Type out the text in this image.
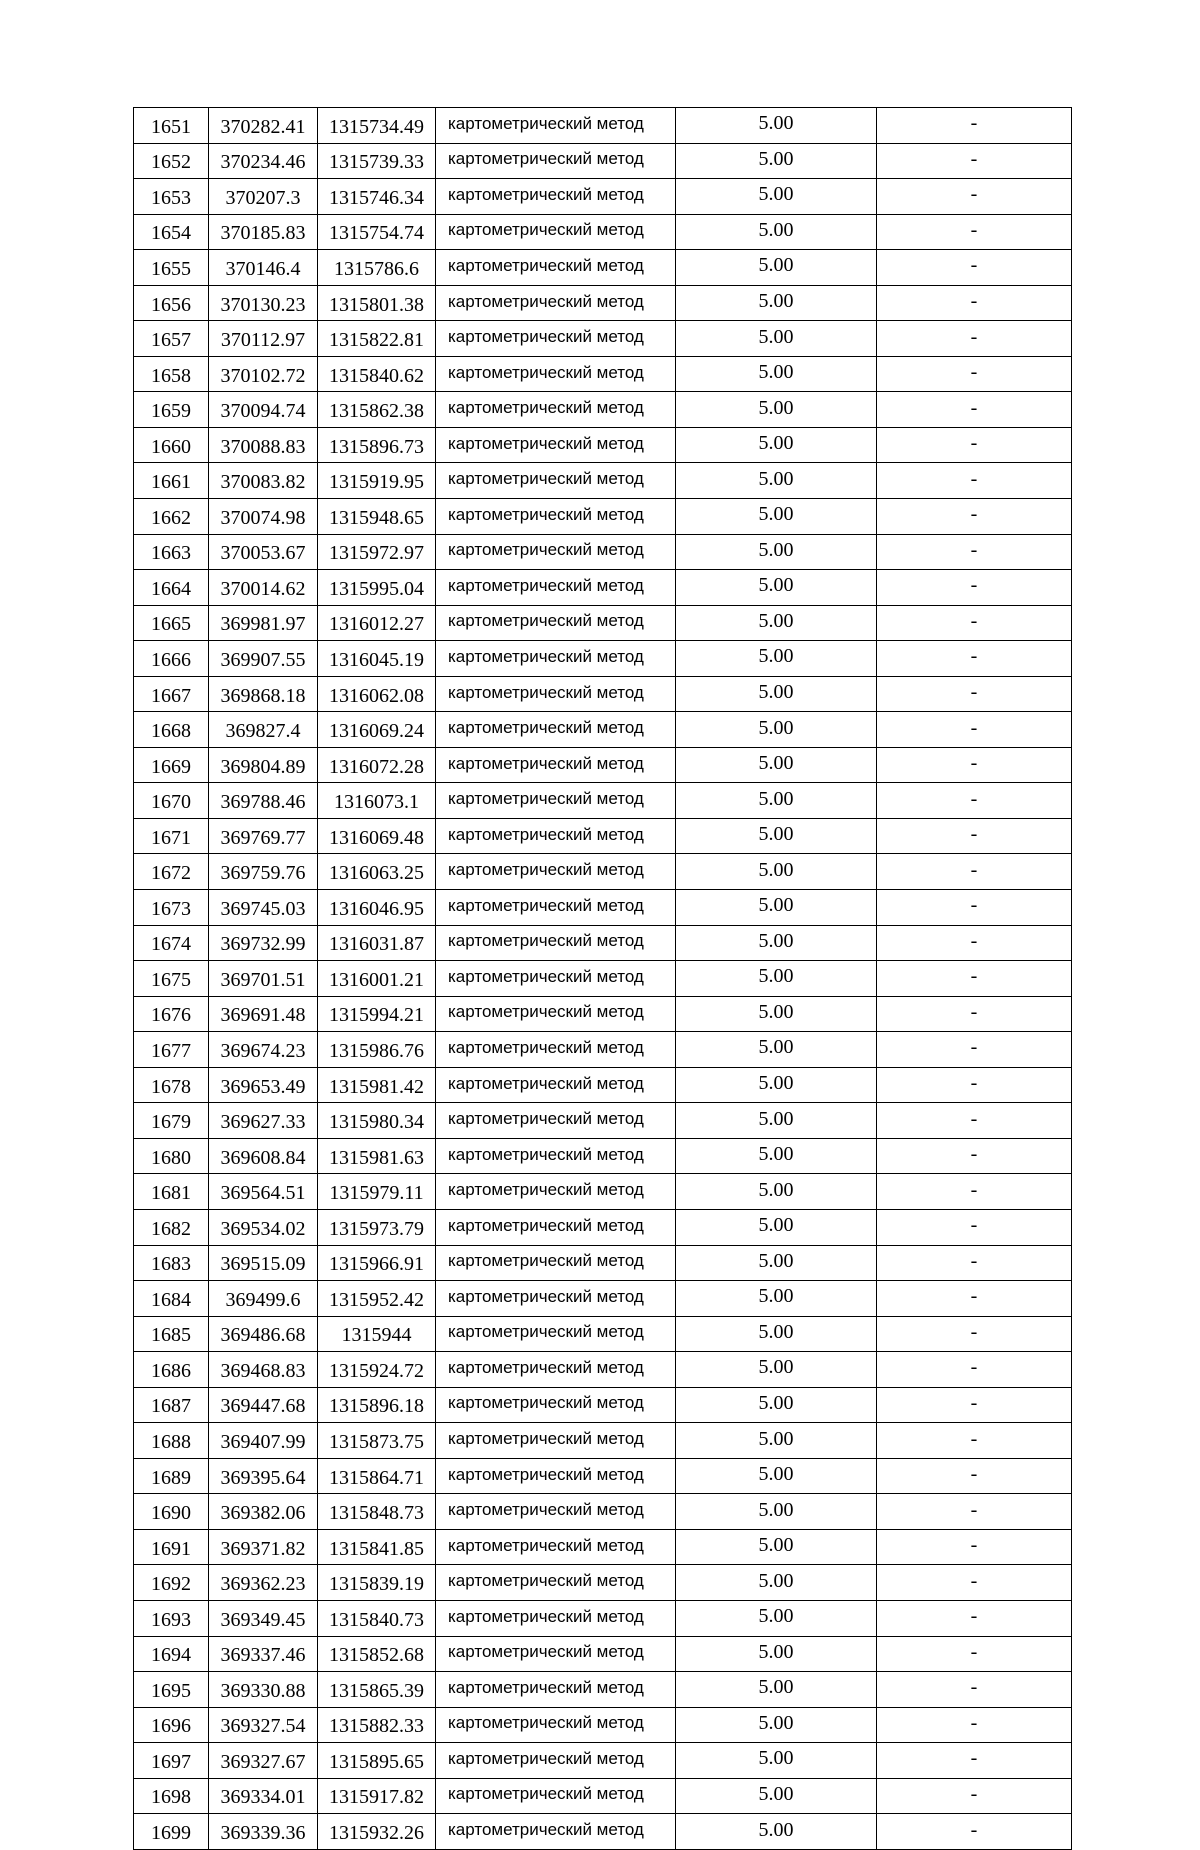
1651	370282.41	1315734.49	картометрический метод	5.00	-
1652	370234.46	1315739.33	картометрический метод	5.00	-
1653	370207.3	1315746.34	картометрический метод	5.00	-
1654	370185.83	1315754.74	картометрический метод	5.00	-
1655	370146.4	1315786.6	картометрический метод	5.00	-
1656	370130.23	1315801.38	картометрический метод	5.00	-
1657	370112.97	1315822.81	картометрический метод	5.00	-
1658	370102.72	1315840.62	картометрический метод	5.00	-
1659	370094.74	1315862.38	картометрический метод	5.00	-
1660	370088.83	1315896.73	картометрический метод	5.00	-
1661	370083.82	1315919.95	картометрический метод	5.00	-
1662	370074.98	1315948.65	картометрический метод	5.00	-
1663	370053.67	1315972.97	картометрический метод	5.00	-
1664	370014.62	1315995.04	картометрический метод	5.00	-
1665	369981.97	1316012.27	картометрический метод	5.00	-
1666	369907.55	1316045.19	картометрический метод	5.00	-
1667	369868.18	1316062.08	картометрический метод	5.00	-
1668	369827.4	1316069.24	картометрический метод	5.00	-
1669	369804.89	1316072.28	картометрический метод	5.00	-
1670	369788.46	1316073.1	картометрический метод	5.00	-
1671	369769.77	1316069.48	картометрический метод	5.00	-
1672	369759.76	1316063.25	картометрический метод	5.00	-
1673	369745.03	1316046.95	картометрический метод	5.00	-
1674	369732.99	1316031.87	картометрический метод	5.00	-
1675	369701.51	1316001.21	картометрический метод	5.00	-
1676	369691.48	1315994.21	картометрический метод	5.00	-
1677	369674.23	1315986.76	картометрический метод	5.00	-
1678	369653.49	1315981.42	картометрический метод	5.00	-
1679	369627.33	1315980.34	картометрический метод	5.00	-
1680	369608.84	1315981.63	картометрический метод	5.00	-
1681	369564.51	1315979.11	картометрический метод	5.00	-
1682	369534.02	1315973.79	картометрический метод	5.00	-
1683	369515.09	1315966.91	картометрический метод	5.00	-
1684	369499.6	1315952.42	картометрический метод	5.00	-
1685	369486.68	1315944	картометрический метод	5.00	-
1686	369468.83	1315924.72	картометрический метод	5.00	-
1687	369447.68	1315896.18	картометрический метод	5.00	-
1688	369407.99	1315873.75	картометрический метод	5.00	-
1689	369395.64	1315864.71	картометрический метод	5.00	-
1690	369382.06	1315848.73	картометрический метод	5.00	-
1691	369371.82	1315841.85	картометрический метод	5.00	-
1692	369362.23	1315839.19	картометрический метод	5.00	-
1693	369349.45	1315840.73	картометрический метод	5.00	-
1694	369337.46	1315852.68	картометрический метод	5.00	-
1695	369330.88	1315865.39	картометрический метод	5.00	-
1696	369327.54	1315882.33	картометрический метод	5.00	-
1697	369327.67	1315895.65	картометрический метод	5.00	-
1698	369334.01	1315917.82	картометрический метод	5.00	-
1699	369339.36	1315932.26	картометрический метод	5.00	-
